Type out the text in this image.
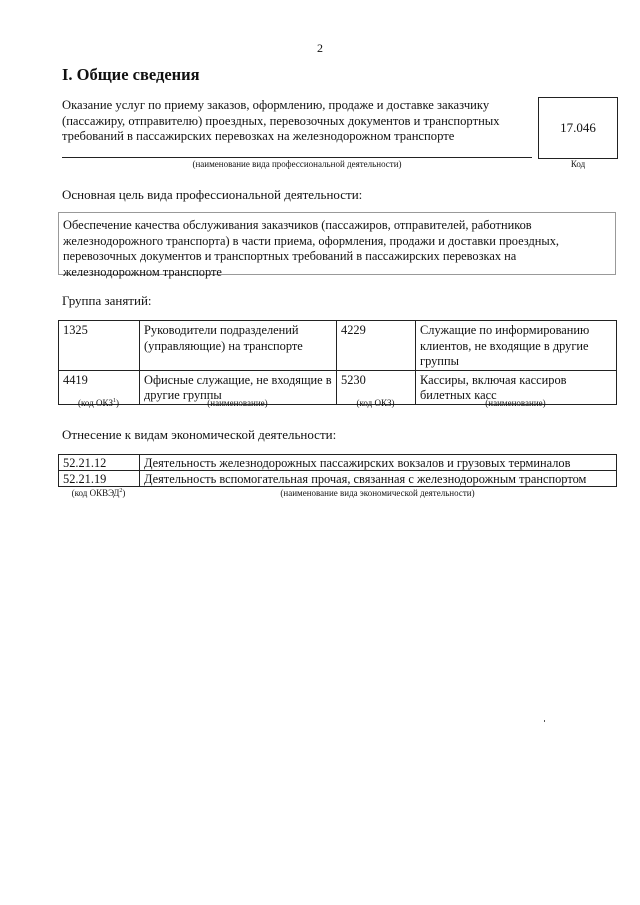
2
I. Общие сведения
Оказание услуг по приему заказов, оформлению, продаже и доставке заказчику (пассажиру, отправителю) проездных, перевозочных документов и транспортных требований в пассажирских перевозках на железнодорожном транспорте
17.046
(наименование вида профессиональной деятельности)	Код
Основная цель вида профессиональной деятельности:
Обеспечение качества обслуживания заказчиков (пассажиров, отправителей, работников железнодорожного транспорта) в части приема, оформления, продажи и доставки проездных, перевозочных документов и транспортных требований в пассажирских перевозках на железнодорожном транспорте
Группа занятий:
1325	Руководители подразделений (управляющие) на транспорте	4229	Служащие по информированию клиентов, не входящие в другие группы
4419	Офисные служащие, не входящие в другие группы	5230	Кассиры, включая кассиров билетных касс
(код ОКЗ$^1$)	(наименование)	(код ОКЗ)	(наименование)
Отнесение к видам экономической деятельности:
52.21.12	Деятельность железнодорожных пассажирских вокзалов и грузовых терминалов
52.21.19	Деятельность вспомогательная прочая, связанная с железнодорожным транспортом
(код ОКВЭД$^2$)	(наименование вида экономической деятельности)
